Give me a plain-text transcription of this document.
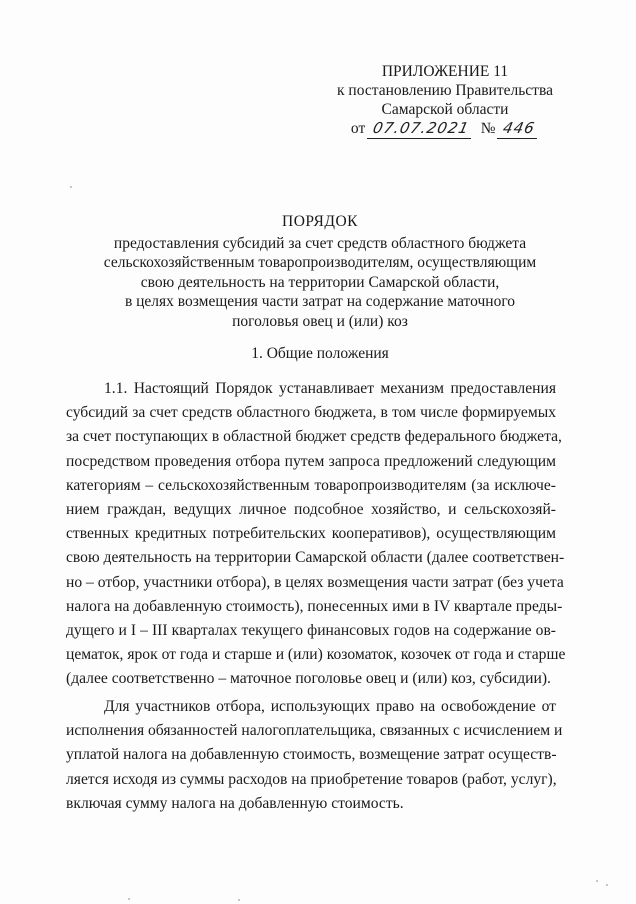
ПРИЛОЖЕНИЕ 11
к постановлению Правительства
Самарской области
от 07.07.2021 № 446
ПОРЯДОК
предоставления субсидий за счет средств областного бюджета
сельскохозяйственным товаропроизводителям, осуществляющим
свою деятельность на территории Самарской области,
в целях возмещения части затрат на содержание маточного
поголовья овец и (или) коз
1. Общие положения
1.1. Настоящий Порядок устанавливает механизм предоставления
субсидий за счет средств областного бюджета, в том числе формируемых
за счет поступающих в областной бюджет средств федерального бюджета,
посредством проведения отбора путем запроса предложений следующим
категориям – сельскохозяйственным товаропроизводителям (за исключе-
нием граждан, ведущих личное подсобное хозяйство, и сельскохозяй-
ственных кредитных потребительских кооперативов), осуществляющим
свою деятельность на территории Самарской области (далее соответствен-
но – отбор, участники отбора), в целях возмещения части затрат (без учета
налога на добавленную стоимость), понесенных ими в IV квартале преды-
дущего и I – III кварталах текущего финансовых годов на содержание ов-
цематок, ярок от года и старше и (или) козоматок, козочек от года и старше
(далее соответственно – маточное поголовье овец и (или) коз, субсидии).
Для участников отбора, использующих право на освобождение от
исполнения обязанностей налогоплательщика, связанных с исчислением и
уплатой налога на добавленную стоимость, возмещение затрат осуществ-
ляется исходя из суммы расходов на приобретение товаров (работ, услуг),
включая сумму налога на добавленную стоимость.
